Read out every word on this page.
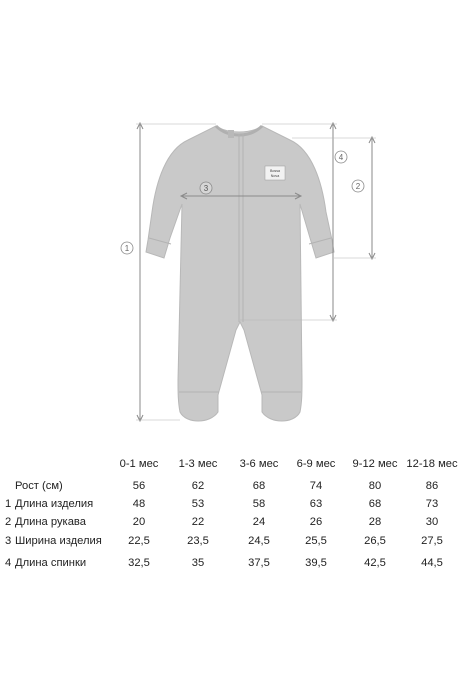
Bossa
Nova
1
4
2
3
0-1 мес 1-3 мес 3-6 мес 6-9 мес 9-12 мес 12-18 мес
Рост (см)	56	62	68	74	80	86
1 Длина изделия	48	53	58	63	68	73
2 Длина рукава	20	22	24	26	28	30
3 Ширина изделия 22,5	23,5	24,5	25,5	26,5	27,5
4 Длина спинки	32,5	35	37,5	39,5	42,5	44,5
